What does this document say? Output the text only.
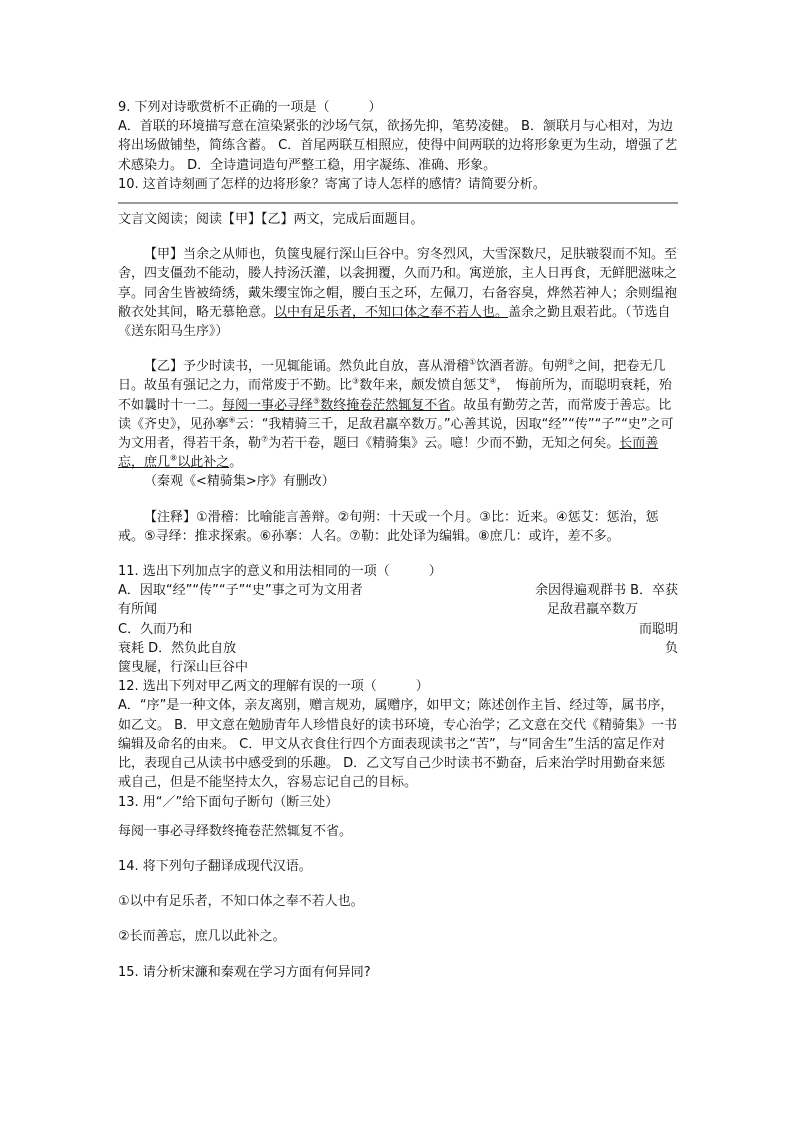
9. 下列对诗歌赏析不正确的一项是（　　　）

A．首联的环境描写意在渲染紧张的沙场气氛，欲扬先抑，笔势凌健。 B．颔联月与心相对，为边将出场做铺垫，简练含蓄。 C．首尾两联互相照应，使得中间两联的边将形象更为生动，增强了艺术感染力。 D．全诗遣词造句严整工稳，用字凝练、准确、形象。

10. 这首诗刻画了怎样的边将形象？寄寓了诗人怎样的感情？请简要分析。

文言文阅读；阅读【甲】【乙】两文，完成后面题目。

【甲】当余之从师也，负箧曳屣行深山巨谷中。穷冬烈风，大雪深数尺，足肤皲裂而不知。至舍，四支僵劲不能动，媵人持汤沃灌，以衾拥覆，久而乃和。寓逆旅，主人日再食，无鲜肥滋味之享。同舍生皆被绮绣，戴朱缨宝饰之帽，腰白玉之环，左佩刀，右备容臭，烨然若神人；余则缊袍敝衣处其间，略无慕艳意。以中有足乐者，不知口体之奉不若人也。盖余之勤且艰若此。（节选自《送东阳马生序》）

【乙】予少时读书，一见辄能诵。然负此自放，喜从滑稽①饮酒者游。旬朔②之间，把卷无几日。故虽有强记之力，而常废于不勤。比③数年来，颇发愤自惩艾④，　悔前所为，而聪明衰耗，殆不如曩时十一二。每阅一事必寻绎⑤数终掩卷茫然辄复不省。故虽有勤劳之苦，而常废于善忘。比读《齐史》，见孙搴⑥云：“我精骑三千，足敌君羸卒数万。”心善其说，因取“经”“传”“子”“史”之可为文用者，得若干条，勒⑦为若干卷，题曰《精骑集》云。噫！少而不勤，无知之何矣。长而善忘，庶几⑧以此补之。

（秦观《<精骑集>序》有删改）

【注释】①滑稽：比喻能言善辩。②旬朔：十天或一个月。③比：近来。④惩艾：惩治，惩戒。⑤寻绎：推求探索。⑥孙搴：人名。⑦勒：此处译为编辑。⑧庶几：或许，差不多。

11. 选出下列加点字的意义和用法相同的一项（　　　）

A．因取“经”“传”“子”“史”事之可为文用者	余因得遍观群书 B．卒获

有所闻	足敌君羸卒数万

C．久而乃和	而聪明

衰耗 D．然负此自放	负

箧曳屣，行深山巨谷中

12. 选出下列对甲乙两文的理解有误的一项（　　　）

A．“序”是一种文体，亲友离别，赠言规劝，属赠序，如甲文；陈述创作主旨、经过等，属书序，如乙文。 B．甲文意在勉励青年人珍惜良好的读书环境，专心治学；乙文意在交代《精骑集》一书编辑及命名的由来。 C．甲文从衣食住行四个方面表现读书之“苦”，与“同舍生”生活的富足作对比，表现自己从读书中感受到的乐趣。 D．乙文写自己少时读书不勤奋，后来治学时用勤奋来惩戒自己，但是不能坚持太久，容易忘记自己的目标。

13. 用“／”给下面句子断句（断三处）

每阅一事必寻绎数终掩卷茫然辄复不省。

14. 将下列句子翻译成现代汉语。

①以中有足乐者，不知口体之奉不若人也。

②长而善忘，庶几以此补之。

15. 请分析宋濂和秦观在学习方面有何异同?
